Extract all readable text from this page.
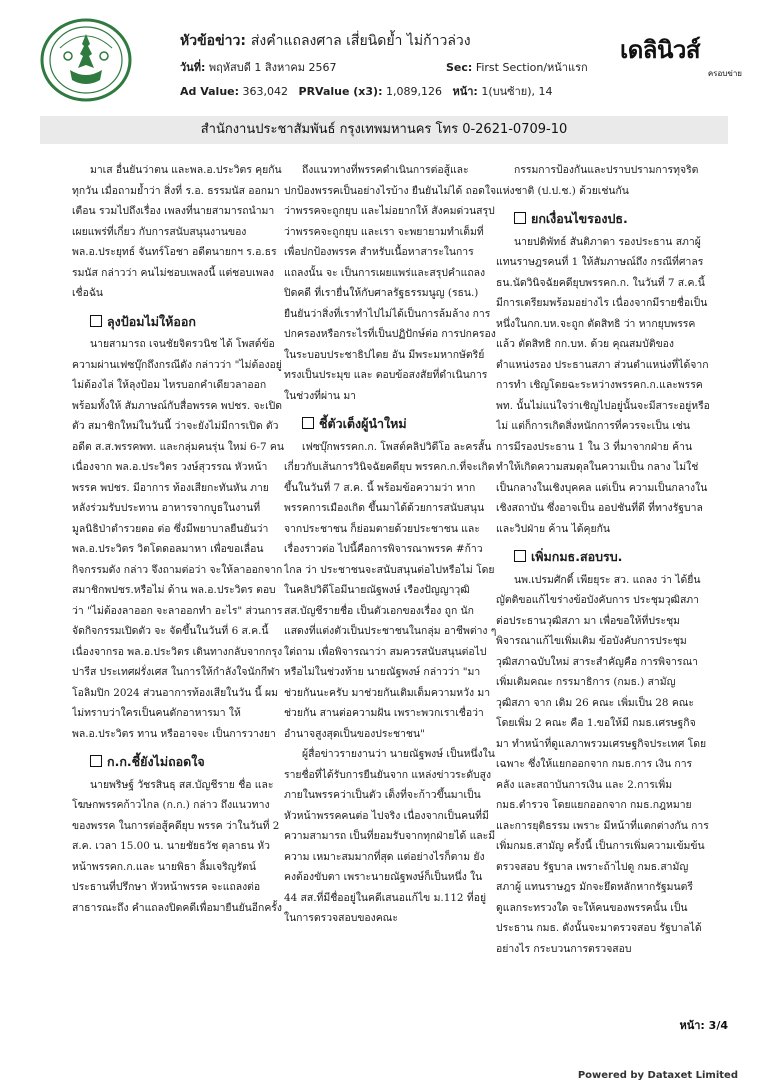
หัวข้อข่าว: ส่งคำแถลงศาล เสี่ยนิดย้ำ ไม่ก้าวล่วง
วันที่: พฤหัสบดี 1 สิงหาคม 2567	Sec: First Section/หน้าแรก
Ad Value: 363,042 PRValue (x3): 1,089,126 หน้า: 1(บนซ้าย), 14
เดลินิวส์
ครอบข่าย
สำนักงานประชาสัมพันธ์ กรุงเทพมหานคร โทร 0-2621-0709-10

มาเส อื่นยันว่าตน และพล.อ.ประวิตร คุยกันทุกวัน เมื่อถามย้ำว่า สิ่งที่ ร.อ. ธรรมนัส ออกมาเตือน รวมไปถึงเรื่อง เพลงที่นายสามารถนำมาเผยแพร่ที่เกี่ยว กับการสนับสนุนงานของพล.อ.ประยุทธ์ จันทร์โอชา อดีตนายกฯ ร.อ.ธรรมนัส กล่าวว่า คนไม่ชอบเพลงนี้ แต่ชอบเพลง เชื่อฉัน

ลุงป้อมไม่ให้ออก

นายสามารถ เจนชัยจิตรวนิช ได้ โพสต์ข้อความผ่านเฟซบุ๊กถึงกรณีดัง กล่าวว่า "ไม่ต้องอยู่ ไม่ต้องไล่ ให้ลุงป้อม ไหรบอกคำเดียวลาออก พร้อมทั้งให้ สัมภาษณ์กับสื่อพรรค พปชร. จะเปิดตัว สมาชิกใหม่ในวันนี้ ว่าจะยังไม่มีการเปิด ตัวอดีต ส.ส.พรรคพท. และกลุ่มคนรุ่น ใหม่ 6-7 คน เนื่องจาก พล.อ.ประวิตร วงษ์สุวรรณ หัวหน้าพรรค พปชร. มีอาการ ท้องเสียกะทันหัน ภายหลังร่วมรับประทาน อาหารจากบูธในงานที่มูลนิธิป่าตำรวยตอ ต่อ ซึ่งมีพยาบาลยืนยันว่า พล.อ.ประวิตร วิตโดดอลมาหา เพื่อขอเลื่อนกิจกรรมดัง กล่าว จึงถามต่อว่า จะให้ลาออกจาก สมาชิกพปชร.หรือไม่ ด้าน พล.อ.ประวิตร ตอบว่า "ไม่ต้องลาออก จะลาออกทำ อะไร" ส่วนการจัดกิจกรรมเปิดตัว จะ จัดขึ้นในวันที่ 6 ส.ค.นี้ เนื่องจากรอ พล.อ.ประวิตร เดินทางกลับจากกรุงปารีส ประเทศฝรั่งเศส ในการให้กำลังใจนักกีฬา โอลิมปิก 2024 ส่วนอาการท้องเสียในวัน นี้ ผมไม่ทราบว่าใครเป็นคนดักอาหารมา ให้ พล.อ.ประวิตร ทาน หรืออาจจะ เป็นการวางยา

ก.ก.ชี้ยังไม่ถอดใจ

นายพริษฐ์ วัชรสินธุ สส.บัญชีราย ชื่อ และโฆษกพรรคก้าวไกล (ก.ก.) กล่าว ถึงแนวทางของพรรค ในการต่อสู้คดียุบ พรรค ว่าในวันที่ 2 ส.ค. เวลา 15.00 น. นายชัยธวัช ตุลาธน หัวหน้าพรรคก.ก.และ นายพิธา ลิ้มเจริญรัตน์ ประธานที่ปรึกษา หัวหน้าพรรค จะแถลงต่อสาธารณะถึง คำแถลงปิดคดีเพื่อมายืนยันอีกครั้ง

ถึงแนวทางที่พรรคดำเนินการต่อสู้และ ปกป้องพรรคเป็นอย่างไรบ้าง ยืนยันไม่ได้ ถอดใจว่าพรรคจะถูกยุบ และไม่อยากให้ สังคมด่วนสรุปว่าพรรคจะถูกยุบ และเรา จะพยายามทำเต็มที่เพื่อปกป้องพรรค สำหรับเนื้อหาสาระในการแถลงนั้น จะ เป็นการเผยแพร่และสรุปคำแถลงปิดคดี ที่เรายื่นให้กับศาลรัฐธรรมนูญ (รธน.) ยืนยันว่าสิ่งที่เราทำไปไม่ได้เป็นการล้มล้าง การปกครองหรือกระไรที่เป็นปฏิปักษ์ต่อ การปกครองในระบอบประชาธิปไตย อัน มีพระมหากษัตริย์ทรงเป็นประมุข และ ตอบข้อสงสัยที่ดำเนินการในช่วงที่ผ่าน มา

ชี้ตัวเต็งผู้นำใหม่

เฟซบุ๊กพรรคก.ก. โพสต์คลิปวิดีโอ ละครสั้น เกี่ยวกับเส้นการวินิจฉัยคดียุบ พรรคก.ก.ที่จะเกิดขึ้นในวันที่ 7 ส.ค. นี้ พร้อมข้อความว่า หากพรรคการเมืองเกิด ขึ้นมาได้ด้วยการสนับสนุนจากประชาชน ก็ย่อมตายด้วยประชาชน และเรื่องราวต่อ ไปนี้คือการพิจารณาพรรค #ก้าวไกล ว่า ประชาชนจะสนับสนุนต่อไปหรือไม่ โดย ในคลิปวิดีโอมีนายณัฐพงษ์ เรืองปัญญาวุฒิ สส.บัญชีรายชื่อ เป็นตัวเอกของเรื่อง ถูก นักแสดงที่แต่งตัวเป็นประชาชนในกลุ่ม อาชีพต่าง ๆ ใต่ถาม เพื่อพิจารณาว่า สมควรสนับสนุนต่อไปหรือไม่ในช่วงท้าย นายณัฐพงษ์ กล่าวว่า "มาช่วยกันนะครับ มาช่วยกันเติมเต็มความหวัง มาช่วยกัน สานต่อความฝัน เพราะพวกเราเชื่อว่า อำนาจสูงสุดเป็นของประชาชน"

ผู้สื่อข่าวรายงานว่า นายณัฐพงษ์ เป็นหนึ่งในรายชื่อที่ได้รับการยืนยันจาก แหล่งข่าวระดับสูงภายในพรรคว่าเป็นตัว เต็งที่จะก้าวขึ้นมาเป็นหัวหน้าพรรคคนต่อ ไปจริง เนื่องจากเป็นคนที่มีความสามารถ เป็นที่ยอมรับจากทุกฝ่ายได้ และมีความ เหมาะสมมากที่สุด แต่อย่างไรก็ตาม ยัง คงต้องขับตา เพราะนายณัฐพงษ์ก็เป็นหนึ่ง ใน 44 สส.ที่มีชื่ออยู่ในคดีเสนอแก้ไข ม.112 ที่อยู่ในการตรวจสอบของคณะ

กรรมการป้องกันและปราบปรามการทุจริต แห่งชาติ (ป.ป.ช.) ด้วยเช่นกัน

ยกเงื่อนไขรองปธ.

นายปดิพัทธ์ สันติภาดา รองประธาน สภาผู้แทนราษฎรคนที่ 1 ให้สัมภาษณ์ถึง กรณีที่ศาลรธน.นัดวินิจฉัยคดียุบพรรคก.ก. ในวันที่ 7 ส.ค.นี้มีการเตรียมพร้อมอย่างไร เนื่องจากมีรายชื่อเป็นหนึ่งในกก.บห.จะถูก ตัดสิทธิ ว่า หากยุบพรรคแล้ว ตัดสิทธิ กก.บห. ด้วย คุณสมบัติของตำแหน่งรอง ประธานสภา ส่วนตำแหน่งที่ได้จากการทำ เชิญโดยฉะระหว่างพรรคก.ก.และพรรคพท. นั้นไม่แน่ใจว่าเชิญไปอยู่นั้นจะมีสาระอยู่หรือ ไม่ แต่ก็การเกิดสิ่งหนักการที่ควรจะเป็น เช่น การมีรองประธาน 1 ใน 3 ที่มาจากฝ่าย ค้าน ทำให้เกิดความสมดุลในความเป็น กลาง ไม่ใช่เป็นกลางในเชิงบุคคล แต่เป็น ความเป็นกลางในเชิงสถาบัน ซึ่งอาจเป็น ออปชันที่ดี ที่ทางรัฐบาล และวิปฝ่าย ค้าน ได้คุยกัน

เพิ่มกมธ.สอบรบ.

นพ.เปรมศักดิ์ เพียยุระ สว. แถลง ว่า ได้ยื่นญัตติขอแก้ไขร่างข้อบังคับการ ประชุมวุฒิสภา ต่อประธานวุฒิสภา มา เพื่อขอให้ที่ประชุมพิจารณาแก้ไขเพิ่มเติม ข้อบังคับการประชุมวุฒิสภาฉบับใหม่ สาระสำคัญคือ การพิจารณาเพิ่มเติมคณะ กรรมาธิการ (กมธ.) สามัญ วุฒิสภา จาก เดิม 26 คณะ เพิ่มเป็น 28 คณะ โดยเพิ่ม 2 คณะ คือ 1.ขอให้มี กมธ.เศรษฐกิจ มา ทำหน้าที่ดูแลภาพรวมเศรษฐกิจประเทศ โดยเฉพาะ ซึ่งให้แยกออกจาก กมธ.การ เงิน การคลัง และสถาบันการเงิน และ 2.การเพิ่ม กมธ.ตำรวจ โดยแยกออกจาก กมธ.กฎหมายและการยุติธรรม เพราะ มีหน้าที่แตกต่างกัน การเพิ่มกมธ.สามัญ ครั้งนี้ เป็นการเพิ่มความเข้มข้นตรวจสอบ รัฐบาล เพราะถ้าไปดู กมธ.สามัญ สภาผู้ แทนราษฎร มักจะยึดหลักหากรัฐมนตรี ดูแลกระทรวงใด จะให้คนของพรรคนั้น เป็นประธาน กมธ. ดังนั้นจะมาตรวจสอบ รัฐบาลได้อย่างไร กระบวนการตรวจสอบ

หน้า: 3/4
Powered by Dataxet Limited
